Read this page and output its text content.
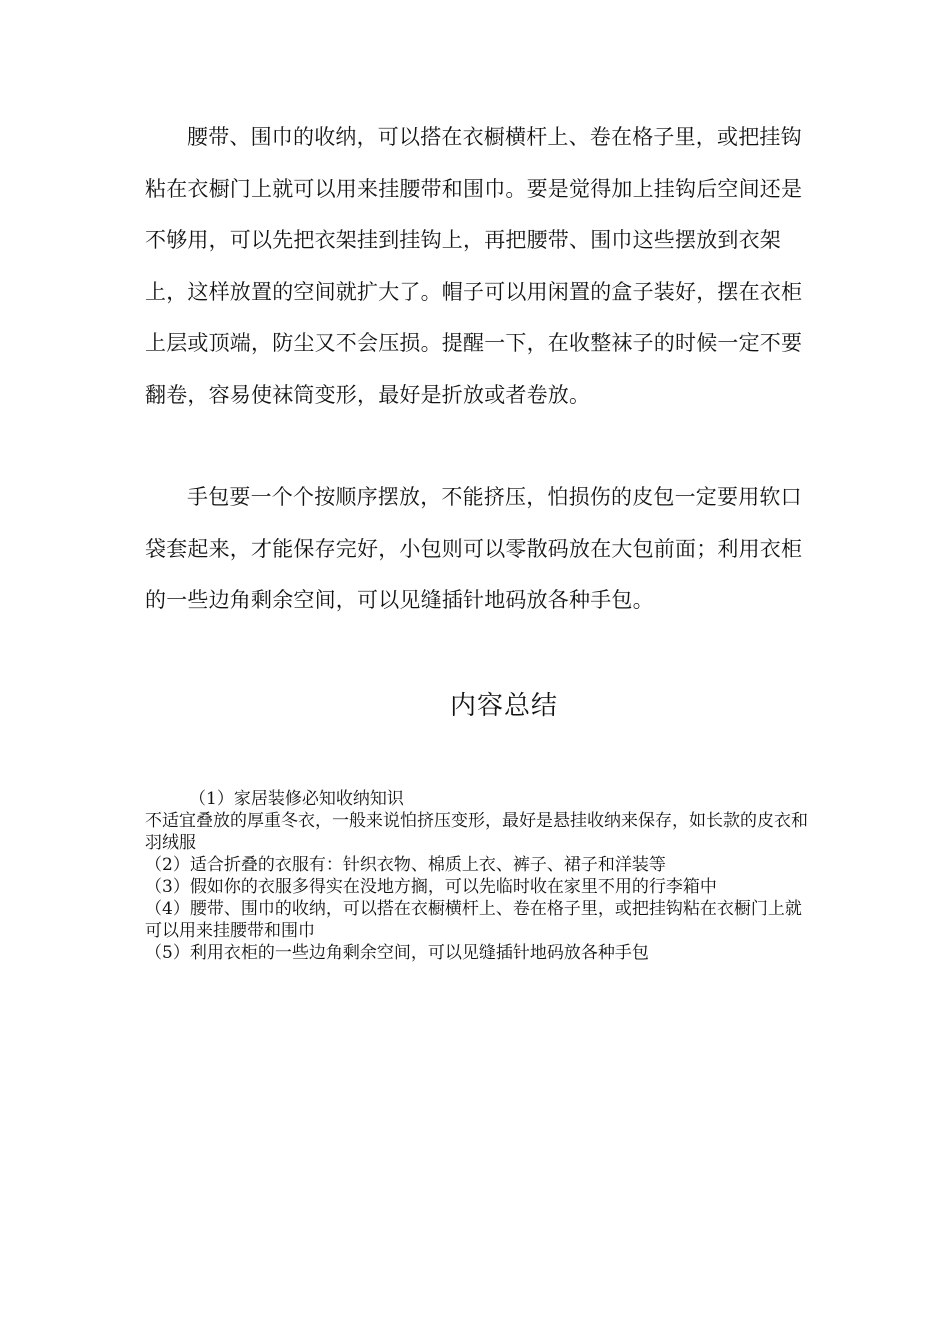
腰带、围巾的收纳，可以搭在衣橱横杆上、卷在格子里，或把挂钩粘在衣橱门上就可以用来挂腰带和围巾。要是觉得加上挂钩后空间还是不够用，可以先把衣架挂到挂钩上，再把腰带、围巾这些摆放到衣架上，这样放置的空间就扩大了。帽子可以用闲置的盒子装好，摆在衣柜上层或顶端，防尘又不会压损。提醒一下，在收整袜子的时候一定不要翻卷，容易使袜筒变形，最好是折放或者卷放。

手包要一个个按顺序摆放，不能挤压，怕损伤的皮包一定要用软口袋套起来，才能保存完好，小包则可以零散码放在大包前面；利用衣柜的一些边角剩余空间，可以见缝插针地码放各种手包。

内容总结

（1）家居装修必知收纳知识

不适宜叠放的厚重冬衣，一般来说怕挤压变形，最好是悬挂收纳来保存，如长款的皮衣和羽绒服

（2）适合折叠的衣服有：针织衣物、棉质上衣、裤子、裙子和洋装等

（3）假如你的衣服多得实在没地方搁，可以先临时收在家里不用的行李箱中

（4）腰带、围巾的收纳，可以搭在衣橱横杆上、卷在格子里，或把挂钩粘在衣橱门上就可以用来挂腰带和围巾

（5）利用衣柜的一些边角剩余空间，可以见缝插针地码放各种手包
